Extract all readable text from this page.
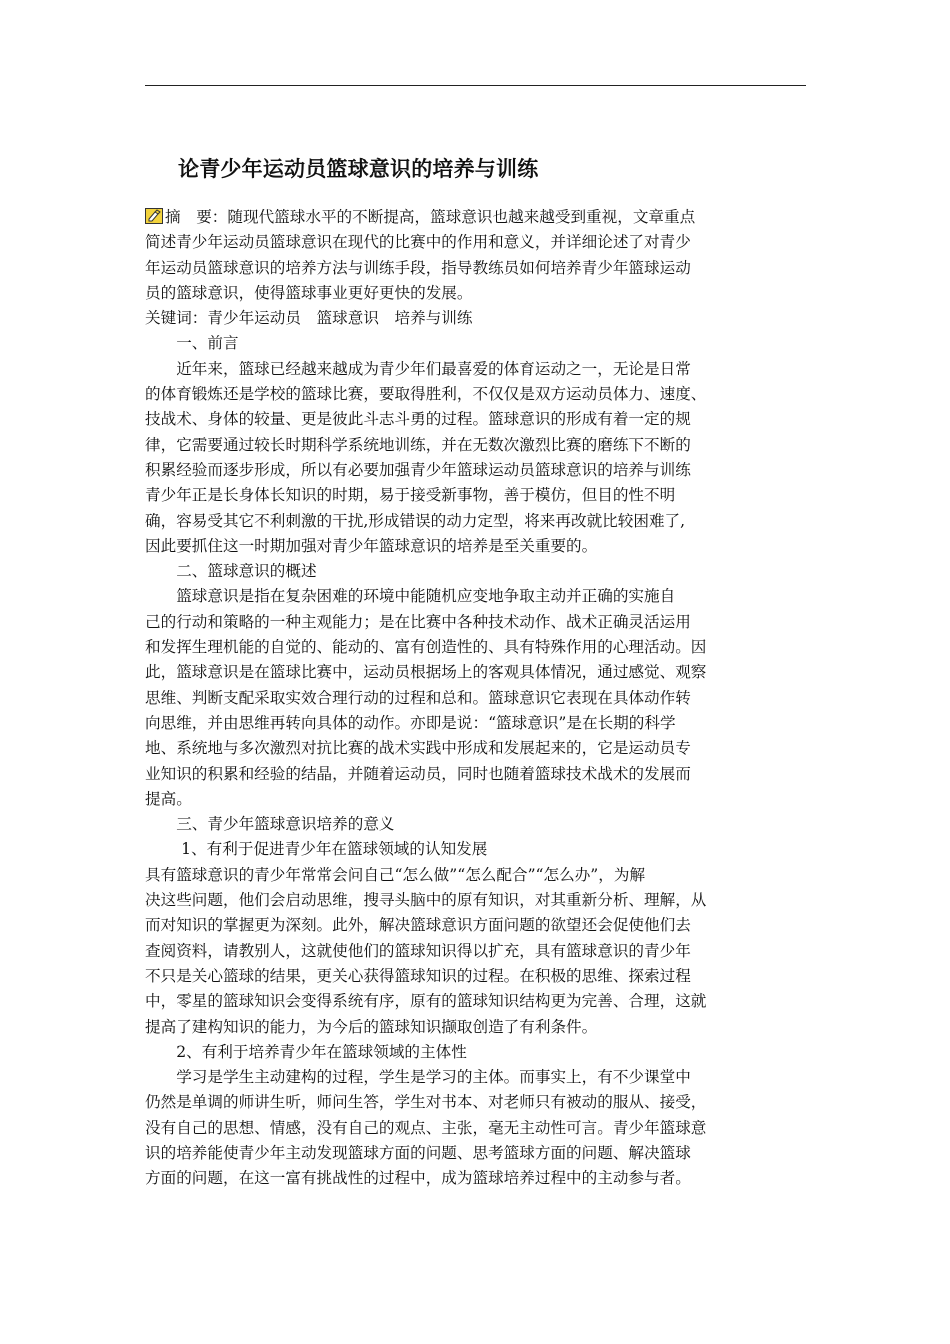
论青少年运动员篮球意识的培养与训练
摘　要：随现代篮球水平的不断提高，篮球意识也越来越受到重视，文章重点
简述青少年运动员篮球意识在现代的比赛中的作用和意义，并详细论述了对青少
年运动员篮球意识的培养方法与训练手段，指导教练员如何培养青少年篮球运动
员的篮球意识，使得篮球事业更好更快的发展。
关键词：青少年运动员　篮球意识　培养与训练
　　一、前言
　　近年来，篮球已经越来越成为青少年们最喜爱的体育运动之一，无论是日常
的体育锻炼还是学校的篮球比赛，要取得胜利，不仅仅是双方运动员体力、速度、
技战术、身体的较量、更是彼此斗志斗勇的过程。篮球意识的形成有着一定的规
律，它需要通过较长时期科学系统地训练，并在无数次激烈比赛的磨练下不断的
积累经验而逐步形成，所以有必要加强青少年篮球运动员篮球意识的培养与训练
青少年正是长身体长知识的时期，易于接受新事物，善于模仿，但目的性不明
确，容易受其它不利刺激的干扰,形成错误的动力定型，将来再改就比较困难了,
因此要抓住这一时期加强对青少年篮球意识的培养是至关重要的。
　　二、篮球意识的概述
　　篮球意识是指在复杂困难的环境中能随机应变地争取主动并正确的实施自
己的行动和策略的一种主观能力；是在比赛中各种技术动作、战术正确灵活运用
和发挥生理机能的自觉的、能动的、富有创造性的、具有特殊作用的心理活动。因
此，篮球意识是在篮球比赛中，运动员根据场上的客观具体情况，通过感觉、观察
思维、判断支配采取实效合理行动的过程和总和。篮球意识它表现在具体动作转
向思维，并由思维再转向具体的动作。亦即是说：“篮球意识”是在长期的科学
地、系统地与多次激烈对抗比赛的战术实践中形成和发展起来的，它是运动员专
业知识的积累和经验的结晶，并随着运动员，同时也随着篮球技术战术的发展而
提高。
　　三、青少年篮球意识培养的意义
　　 1、有利于促进青少年在篮球领域的认知发展
具有篮球意识的青少年常常会问自己“怎么做”“怎么配合”“怎么办”，为解
决这些问题，他们会启动思维，搜寻头脑中的原有知识，对其重新分析、理解，从
而对知识的掌握更为深刻。此外，解决篮球意识方面问题的欲望还会促使他们去
查阅资料，请教别人，这就使他们的篮球知识得以扩充，具有篮球意识的青少年
不只是关心篮球的结果，更关心获得篮球知识的过程。在积极的思维、探索过程
中，零星的篮球知识会变得系统有序，原有的篮球知识结构更为完善、合理，这就
提高了建构知识的能力，为今后的篮球知识撷取创造了有利条件。
　　2、有利于培养青少年在篮球领域的主体性
　　学习是学生主动建构的过程，学生是学习的主体。而事实上，有不少课堂中
仍然是单调的师讲生听，师问生答，学生对书本、对老师只有被动的服从、接受，
没有自己的思想、情感，没有自己的观点、主张，毫无主动性可言。青少年篮球意
识的培养能使青少年主动发现篮球方面的问题、思考篮球方面的问题、解决篮球
方面的问题，在这一富有挑战性的过程中，成为篮球培养过程中的主动参与者。
